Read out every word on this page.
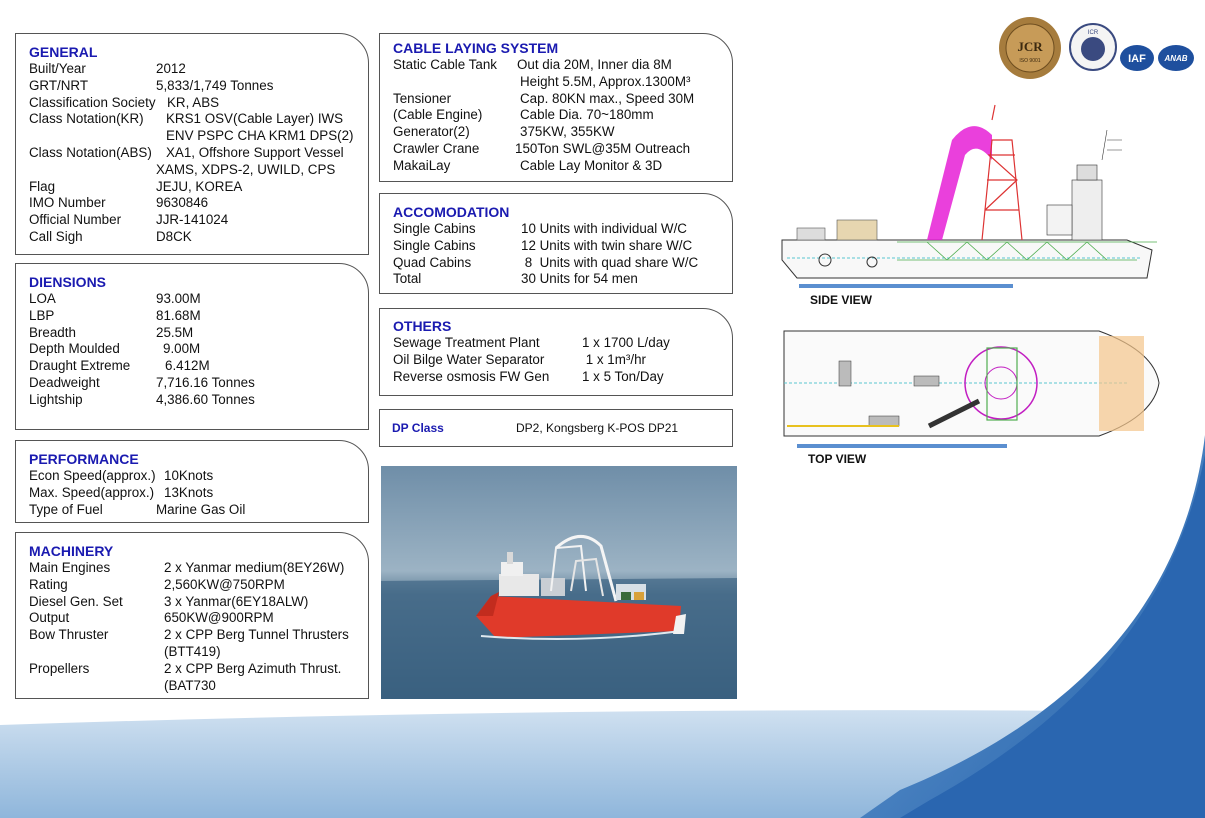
GENERAL
Built/Year	2012
GRT/NRT	5,833/1,749 Tonnes
Classification Society KR, ABS
Class Notation(KR)	KRS1 OSV(Cable Layer) IWS
ENV PSPC CHA KRM1 DPS(2)
Class Notation(ABS)	XA1, Offshore Support Vessel
XAMS, XDPS-2, UWILD, CPS
Flag	JEJU, KOREA
IMO Number	9630846
Official Number	JJR-141024
Call Sigh	D8CK
DIENSIONS
LOA	93.00M
LBP	81.68M
Breadth	25.5M
Depth Moulded	9.00M
Draught Extreme	6.412M
Deadweight	7,716.16 Tonnes
Lightship	4,386.60 Tonnes
PERFORMANCE
Econ Speed(approx.) 10Knots
Max. Speed(approx.) 13Knots
Type of Fuel	Marine Gas Oil
MACHINERY
Main Engines	2 x Yanmar medium(8EY26W)
Rating	2,560KW@750RPM
Diesel Gen. Set	3 x Yanmar(6EY18ALW)
Output	650KW@900RPM
Bow Thruster	2 x CPP Berg Tunnel Thrusters
(BTT419)
Propellers	2 x CPP Berg Azimuth Thrust.
(BAT730
CABLE LAYING SYSTEM
Static Cable Tank	Out dia 20M, Inner dia 8M
Height 5.5M, Approx.1300M³
Tensioner	Cap. 80KN max., Speed 30M
(Cable Engine)	Cable Dia. 70~180mm
Generator(2)	375KW, 355KW
Crawler Crane	150Ton SWL@35M Outreach
MakaiLay	Cable Lay Monitor & 3D
ACCOMODATION
Single Cabins	10 Units with individual W/C
Single Cabins	12 Units with twin share W/C
Quad Cabins	8  Units with quad share W/C
Total	30 Units for 54 men
OTHERS
Sewage Treatment Plant	1 x 1700 L/day
Oil Bilge Water Separator	1 x 1m³/hr
Reverse osmosis FW Gen	1 x 5 Ton/Day
DP Class	DP2, Kongsberg K-POS DP21
JCR
ISO 9001
ICR
IAF ANAB
SIDE VIEW
TOP VIEW
